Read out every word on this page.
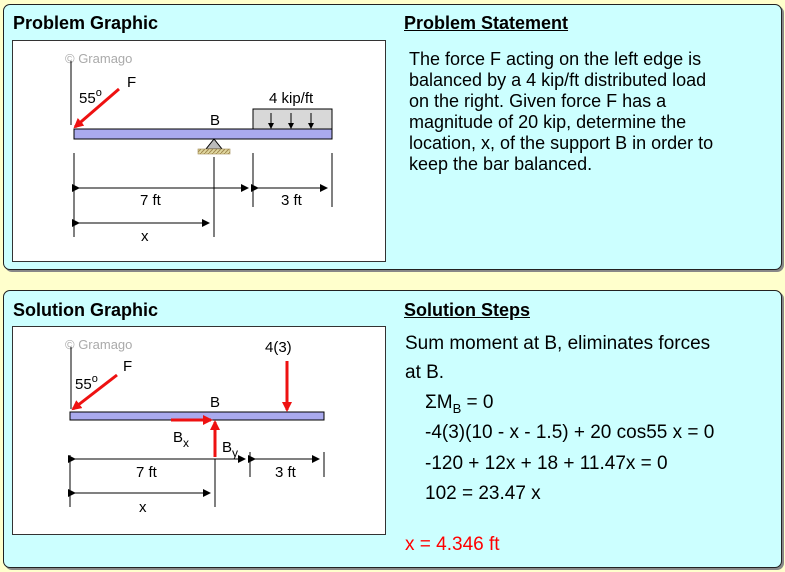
Problem Graphic	Problem Statement
© Gramago
55$^o$
F
4 kip/ft
B
7 ft	3 ft
x
The force F acting on the left edge is
balanced by a 4 kip/ft distributed load
on the right. Given force F has a
magnitude of 20 kip, determine the
location, x, of the support B in order to
keep the bar balanced.
Solution Graphic	Solution Steps
© Gramago
55$^o$
F
B
4(3)
$B_x$ $B_y$
7 ft	3 ft
x
Sum moment at B, eliminates forces
at B.
$\Sigma M_B = 0$
-4(3)(10 - x - 1.5) + 20 cos55 x = 0
-120 + 12x + 18 + 11.47x = 0
102 = 23.47 x
x = 4.346 ft
